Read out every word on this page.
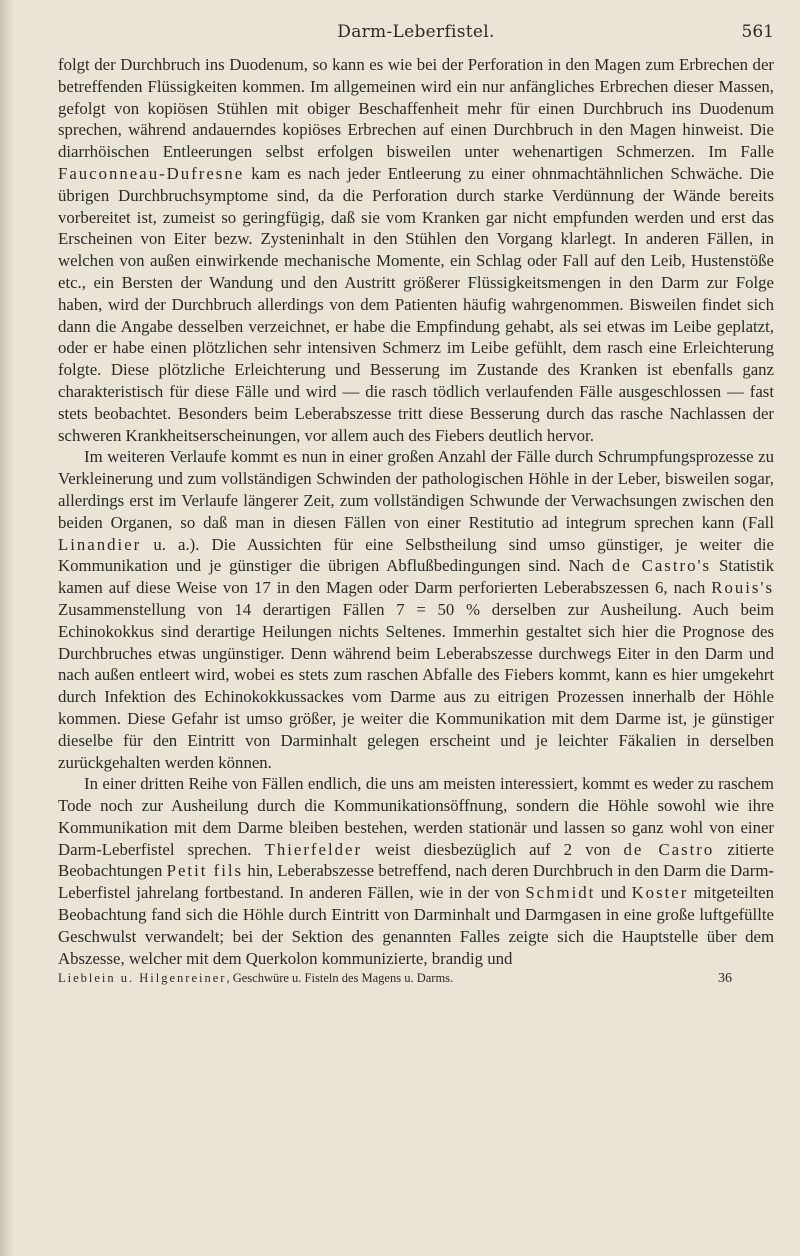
Darm-Leberfistel.	561

folgt der Durchbruch ins Duodenum, so kann es wie bei der Perforation in den Magen zum Erbrechen der betreffenden Flüssigkeiten kommen. Im allgemeinen wird ein nur anfängliches Erbrechen dieser Massen, gefolgt von kopiösen Stühlen mit obiger Beschaffenheit mehr für einen Durchbruch ins Duodenum sprechen, während andauerndes kopiöses Erbrechen auf einen Durchbruch in den Magen hinweist. Die diarrhöischen Entleerungen selbst erfolgen bisweilen unter wehenartigen Schmerzen. Im Falle Fauconneau-Dufresne kam es nach jeder Entleerung zu einer ohnmachtähnlichen Schwäche. Die übrigen Durchbruchsymptome sind, da die Perforation durch starke Verdünnung der Wände bereits vorbereitet ist, zumeist so geringfügig, daß sie vom Kranken gar nicht empfunden werden und erst das Erscheinen von Eiter bezw. Zysteninhalt in den Stühlen den Vorgang klarlegt. In anderen Fällen, in welchen von außen einwirkende mechanische Momente, ein Schlag oder Fall auf den Leib, Hustenstöße etc., ein Bersten der Wandung und den Austritt größerer Flüssigkeitsmengen in den Darm zur Folge haben, wird der Durchbruch allerdings von dem Patienten häufig wahrgenommen. Bisweilen findet sich dann die Angabe desselben verzeichnet, er habe die Empfindung gehabt, als sei etwas im Leibe geplatzt, oder er habe einen plötzlichen sehr intensiven Schmerz im Leibe gefühlt, dem rasch eine Erleichterung folgte. Diese plötzliche Erleichterung und Besserung im Zustande des Kranken ist ebenfalls ganz charakteristisch für diese Fälle und wird — die rasch tödlich verlaufenden Fälle ausgeschlossen — fast stets beobachtet. Besonders beim Leberabszesse tritt diese Besserung durch das rasche Nachlassen der schweren Krankheitserscheinungen, vor allem auch des Fiebers deutlich hervor.

Im weiteren Verlaufe kommt es nun in einer großen Anzahl der Fälle durch Schrumpfungsprozesse zu Verkleinerung und zum vollständigen Schwinden der pathologischen Höhle in der Leber, bisweilen sogar, allerdings erst im Verlaufe längerer Zeit, zum vollständigen Schwunde der Verwachsungen zwischen den beiden Organen, so daß man in diesen Fällen von einer Restitutio ad integrum sprechen kann (Fall Linandier u. a.). Die Aussichten für eine Selbstheilung sind umso günstiger, je weiter die Kommunikation und je günstiger die übrigen Abflußbedingungen sind. Nach de Castro's Statistik kamen auf diese Weise von 17 in den Magen oder Darm perforierten Leberabszessen 6, nach Rouis's Zusammenstellung von 14 derartigen Fällen 7 = 50 % derselben zur Ausheilung. Auch beim Echinokokkus sind derartige Heilungen nichts Seltenes. Immerhin gestaltet sich hier die Prognose des Durchbruches etwas ungünstiger. Denn während beim Leberabszesse durchwegs Eiter in den Darm und nach außen entleert wird, wobei es stets zum raschen Abfalle des Fiebers kommt, kann es hier umgekehrt durch Infektion des Echinokokkussackes vom Darme aus zu eitrigen Prozessen innerhalb der Höhle kommen. Diese Gefahr ist umso größer, je weiter die Kommunikation mit dem Darme ist, je günstiger dieselbe für den Eintritt von Darminhalt gelegen erscheint und je leichter Fäkalien in derselben zurückgehalten werden können.

In einer dritten Reihe von Fällen endlich, die uns am meisten interessiert, kommt es weder zu raschem Tode noch zur Ausheilung durch die Kommunikationsöffnung, sondern die Höhle sowohl wie ihre Kommunikation mit dem Darme bleiben bestehen, werden stationär und lassen so ganz wohl von einer Darm-Leberfistel sprechen. Thierfelder weist diesbezüglich auf 2 von de Castro zitierte Beobachtungen Petit fils hin, Leberabszesse betreffend, nach deren Durchbruch in den Darm die Darm-Leberfistel jahrelang fortbestand. In anderen Fällen, wie in der von Schmidt und Koster mitgeteilten Beobachtung fand sich die Höhle durch Eintritt von Darminhalt und Darmgasen in eine große luftgefüllte Geschwulst verwandelt; bei der Sektion des genannten Falles zeigte sich die Hauptstelle über dem Abszesse, welcher mit dem Querkolon kommunizierte, brandig und

Lieblein u. Hilgenreiner, Geschwüre u. Fisteln des Magens u. Darms.	36
